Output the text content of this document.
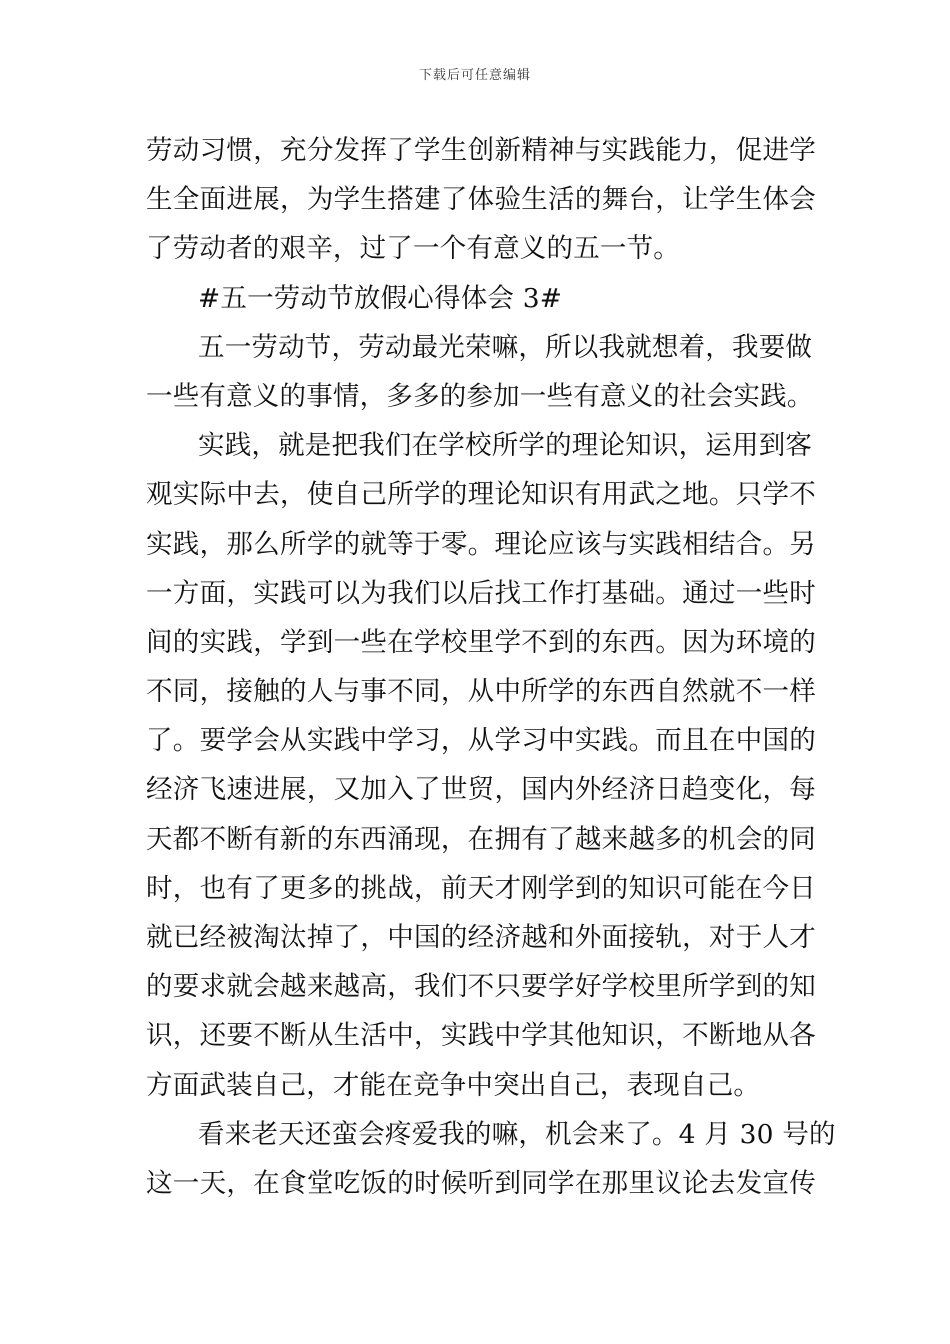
下载后可任意编辑
劳动习惯，充分发挥了学生创新精神与实践能力，促进学
生全面进展，为学生搭建了体验生活的舞台，让学生体会
了劳动者的艰辛，过了一个有意义的五一节。
#五一劳动节放假心得体会 3#
五一劳动节，劳动最光荣嘛，所以我就想着，我要做
一些有意义的事情，多多的参加一些有意义的社会实践。
实践，就是把我们在学校所学的理论知识，运用到客
观实际中去，使自己所学的理论知识有用武之地。只学不
实践，那么所学的就等于零。理论应该与实践相结合。另
一方面，实践可以为我们以后找工作打基础。通过一些时
间的实践，学到一些在学校里学不到的东西。因为环境的
不同，接触的人与事不同，从中所学的东西自然就不一样
了。要学会从实践中学习，从学习中实践。而且在中国的
经济飞速进展，又加入了世贸，国内外经济日趋变化，每
天都不断有新的东西涌现，在拥有了越来越多的机会的同
时，也有了更多的挑战，前天才刚学到的知识可能在今日
就已经被淘汰掉了，中国的经济越和外面接轨，对于人才
的要求就会越来越高，我们不只要学好学校里所学到的知
识，还要不断从生活中，实践中学其他知识，不断地从各
方面武装自己，才能在竞争中突出自己，表现自己。
看来老天还蛮会疼爱我的嘛，机会来了。4 月 30 号的
这一天，在食堂吃饭的时候听到同学在那里议论去发宣传
